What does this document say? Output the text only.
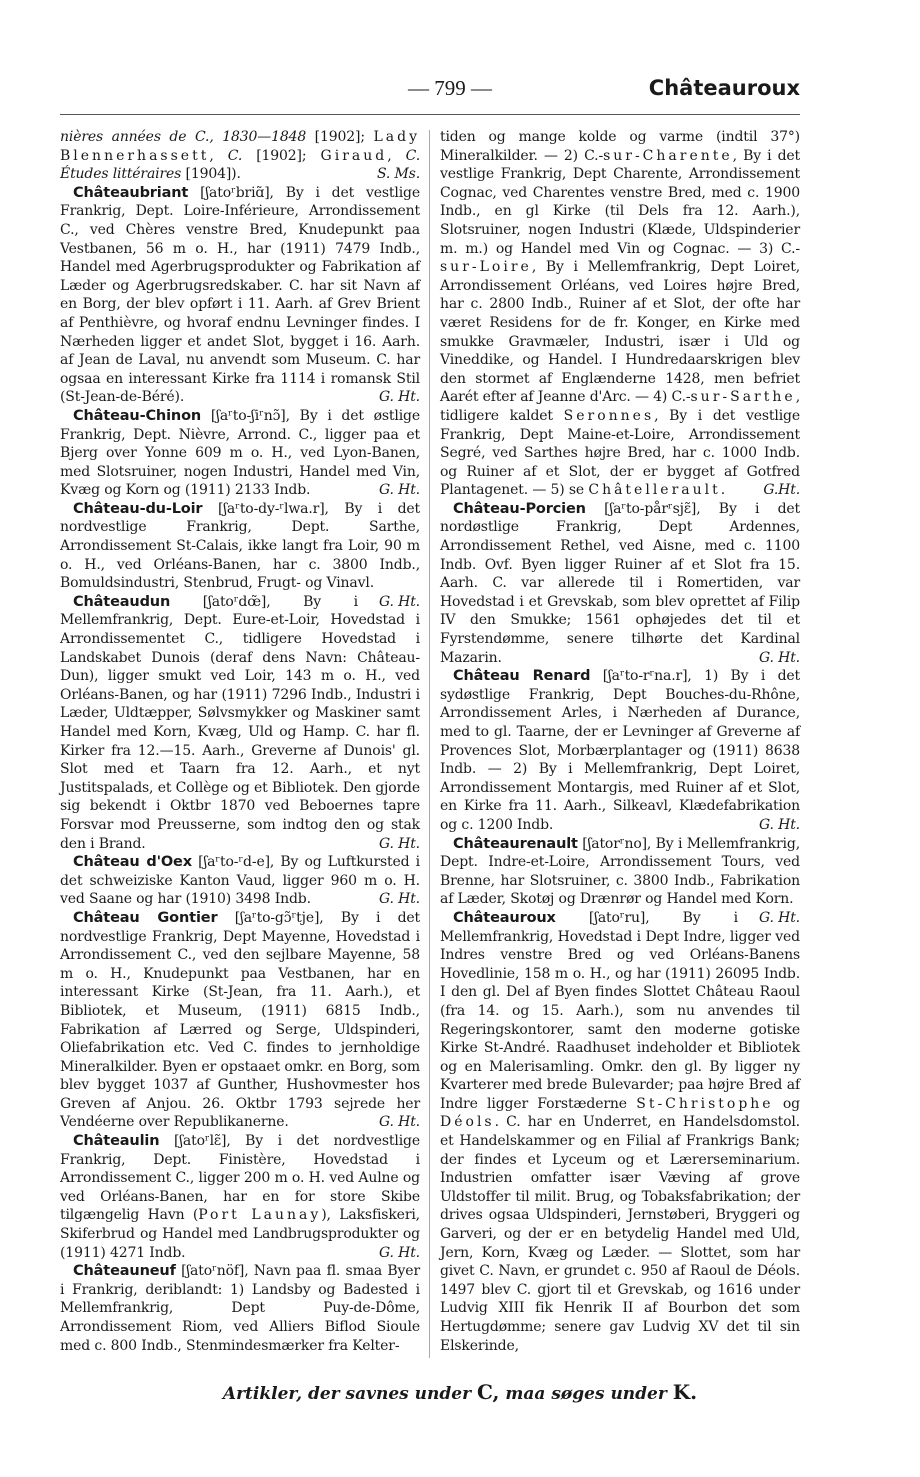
— 799 —	Châteauroux

nières années de C., 1830—1848 [1902]; Lady Blennerhassett, C. [1902]; Giraud, C. Études littéraires [1904]).	S. Ms.

Châteaubriant [ʃatoʳbriɑ̃], By i det vestlige Frankrig, Dept. Loire-Inférieure, Arrondissement C., ved Chères venstre Bred, Knudepunkt paa Vestbanen, 56 m o. H., har (1911) 7479 Indb., Handel med Agerbrugsprodukter og Fabrikation af Læder og Agerbrugsredskaber. C. har sit Navn af en Borg, der blev opført i 11. Aarh. af Grev Brient af Penthièvre, og hvoraf endnu Levninger findes. I Nærheden ligger et andet Slot, bygget i 16. Aarh. af Jean de Laval, nu anvendt som Museum. C. har ogsaa en interessant Kirke fra 1114 i romansk Stil (St-Jean-de-Béré).	G. Ht.

Château-Chinon [ʃaʳto-ʃiʳnɔ̃], By i det østlige Frankrig, Dept. Nièvre, Arrond. C., ligger paa et Bjerg over Yonne 609 m o. H., ved Lyon-Banen, med Slotsruiner, nogen Industri, Handel med Vin, Kvæg og Korn og (1911) 2133 Indb.	G. Ht.

Château-du-Loir [ʃaʳto-dy-ʳlwa.r], By i det nordvestlige Frankrig, Dept. Sarthe, Arrondissement St-Calais, ikke langt fra Loir, 90 m o. H., ved Orléans-Banen, har c. 3800 Indb., Bomuldsindustri, Stenbrud, Frugt- og Vinavl.
G. Ht.

Châteaudun [ʃatoʳdœ̃], By i Mellemfrankrig, Dept. Eure-et-Loir, Hovedstad i Arrondissementet C., tidligere Hovedstad i Landskabet Dunois (deraf dens Navn: Château-Dun), ligger smukt ved Loir, 143 m o. H., ved Orléans-Banen, og har (1911) 7296 Indb., Industri i Læder, Uldtæpper, Sølvsmykker og Maskiner samt Handel med Korn, Kvæg, Uld og Hamp. C. har fl. Kirker fra 12.—15. Aarh., Greverne af Dunois' gl. Slot med et Taarn fra 12. Aarh., et nyt Justitspalads, et Collège og et Bibliotek. Den gjorde sig bekendt i Oktbr 1870 ved Beboernes tapre Forsvar mod Preusserne, som indtog den og stak den i Brand.	G. Ht.

Château d'Oex [ʃaʳto-ʳd-e], By og Luftkursted i det schweiziske Kanton Vaud, ligger 960 m o. H. ved Saane og har (1910) 3498 Indb.	G. Ht.

Château Gontier [ʃaʳto-gɔ̃ʳtje], By i det nordvestlige Frankrig, Dept Mayenne, Hovedstad i Arrondissement C., ved den sejlbare Mayenne, 58 m o. H., Knudepunkt paa Vestbanen, har en interessant Kirke (St-Jean, fra 11. Aarh.), et Bibliotek, et Museum, (1911) 6815 Indb., Fabrikation af Lærred og Serge, Uldspinderi, Oliefabrikation etc. Ved C. findes to jernholdige Mineralkilder. Byen er opstaaet omkr. en Borg, som blev bygget 1037 af Gunther, Hushovmester hos Greven af Anjou. 26. Oktbr 1793 sejrede her Vendéerne over Republikanerne.	G. Ht.

Châteaulin [ʃatoʳlɛ̃], By i det nordvestlige Frankrig, Dept. Finistère, Hovedstad i Arrondissement C., ligger 200 m o. H. ved Aulne og ved Orléans-Banen, har en for store Skibe tilgængelig Havn (Port Launay), Laksfiskeri, Skiferbrud og Handel med Landbrugsprodukter og (1911) 4271 Indb.	G. Ht.

Châteauneuf [ʃatoʳnöf], Navn paa fl. smaa Byer i Frankrig, deriblandt: 1) Landsby og Badested i Mellemfrankrig, Dept Puy-de-Dôme, Arrondissement Riom, ved Alliers Biflod Sioule med c. 800 Indb., Stenmindesmærker fra Kelter-

tiden og mange kolde og varme (indtil 37°) Mineralkilder. — 2) C.-sur-Charente, By i det vestlige Frankrig, Dept Charente, Arrondissement Cognac, ved Charentes venstre Bred, med c. 1900 Indb., en gl Kirke (til Dels fra 12. Aarh.), Slotsruiner, nogen Industri (Klæde, Uldspinderier m. m.) og Handel med Vin og Cognac. — 3) C.-sur-Loire, By i Mellemfrankrig, Dept Loiret, Arrondissement Orléans, ved Loires højre Bred, har c. 2800 Indb., Ruiner af et Slot, der ofte har været Residens for de fr. Konger, en Kirke med smukke Gravmæler, Industri, især i Uld og Vineddike, og Handel. I Hundredaarskrigen blev den stormet af Englænderne 1428, men befriet Aarét efter af Jeanne d'Arc. — 4) C.-sur-Sarthe, tidligere kaldet Seronnes, By i det vestlige Frankrig, Dept Maine-et-Loire, Arrondissement Segré, ved Sarthes højre Bred, har c. 1000 Indb. og Ruiner af et Slot, der er bygget af Gotfred Plantagenet. — 5) se Châtellerault.	G.Ht.

Château-Porcien [ʃaʳto-pårʳsjɛ̃], By i det nordøstlige Frankrig, Dept Ardennes, Arrondissement Rethel, ved Aisne, med c. 1100 Indb. Ovf. Byen ligger Ruiner af et Slot fra 15. Aarh. C. var allerede til i Romertiden, var Hovedstad i et Grevskab, som blev oprettet af Filip IV den Smukke; 1561 ophøjedes det til et Fyrstendømme, senere tilhørte det Kardinal Mazarin.	G. Ht.

Château Renard [ʃaʳto-rʳna.r], 1) By i det sydøstlige Frankrig, Dept Bouches-du-Rhône, Arrondissement Arles, i Nærheden af Durance, med to gl. Taarne, der er Levninger af Greverne af Provences Slot, Morbærplantager og (1911) 8638 Indb. — 2) By i Mellemfrankrig, Dept Loiret, Arrondissement Montargis, med Ruiner af et Slot, en Kirke fra 11. Aarh., Silkeavl, Klædefabrikation og c. 1200 Indb.	G. Ht.

Châteaurenault [ʃatorʳno], By i Mellemfrankrig, Dept. Indre-et-Loire, Arrondissement Tours, ved Brenne, har Slotsruiner, c. 3800 Indb., Fabrikation af Læder, Skotøj og Drænrør og Handel med Korn.
G. Ht.

Châteauroux [ʃatoʳru], By i Mellemfrankrig, Hovedstad i Dept Indre, ligger ved Indres venstre Bred og ved Orléans-Banens Hovedlinie, 158 m o. H., og har (1911) 26095 Indb. I den gl. Del af Byen findes Slottet Château Raoul (fra 14. og 15. Aarh.), som nu anvendes til Regeringskontorer, samt den moderne gotiske Kirke St-André. Raadhuset indeholder et Bibliotek og en Malerisamling. Omkr. den gl. By ligger ny Kvarterer med brede Bulevarder; paa højre Bred af Indre ligger Forstæderne St-Christophe og Déols. C. har en Underret, en Handelsdomstol. et Handelskammer og en Filial af Frankrigs Bank; der findes et Lyceum og et Lærerseminarium. Industrien omfatter især Væving af grove Uldstoffer til milit. Brug, og Tobaksfabrikation; der drives ogsaa Uldspinderi, Jernstøberi, Bryggeri og Garveri, og der er en betydelig Handel med Uld, Jern, Korn, Kvæg og Læder. — Slottet, som har givet C. Navn, er grundet c. 950 af Raoul de Déols. 1497 blev C. gjort til et Grevskab, og 1616 under Ludvig XIII fik Henrik II af Bourbon det som Hertugdømme; senere gav Ludvig XV det til sin Elskerinde,

Artikler, der savnes under C, maa søges under K.
